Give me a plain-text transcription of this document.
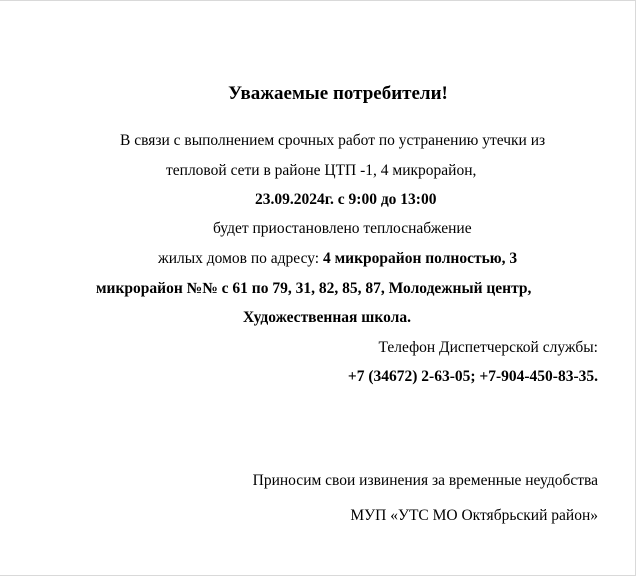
Уважаемые потребители!
В связи с выполнением срочных работ по устранению утечки из
тепловой сети в районе ЦТП -1, 4 микрорайон,
23.09.2024г. с 9:00 до 13:00
будет приостановлено теплоснабжение
жилых домов по адресу: 4 микрорайон полностью, 3
микрорайон №№ с 61 по 79, 31, 82, 85, 87, Молодежный центр,
Художественная школа.
Телефон Диспетчерской службы:
+7 (34672) 2-63-05; +7-904-450-83-35.
Приносим свои извинения за временные неудобства
МУП «УТС МО Октябрьский район»
